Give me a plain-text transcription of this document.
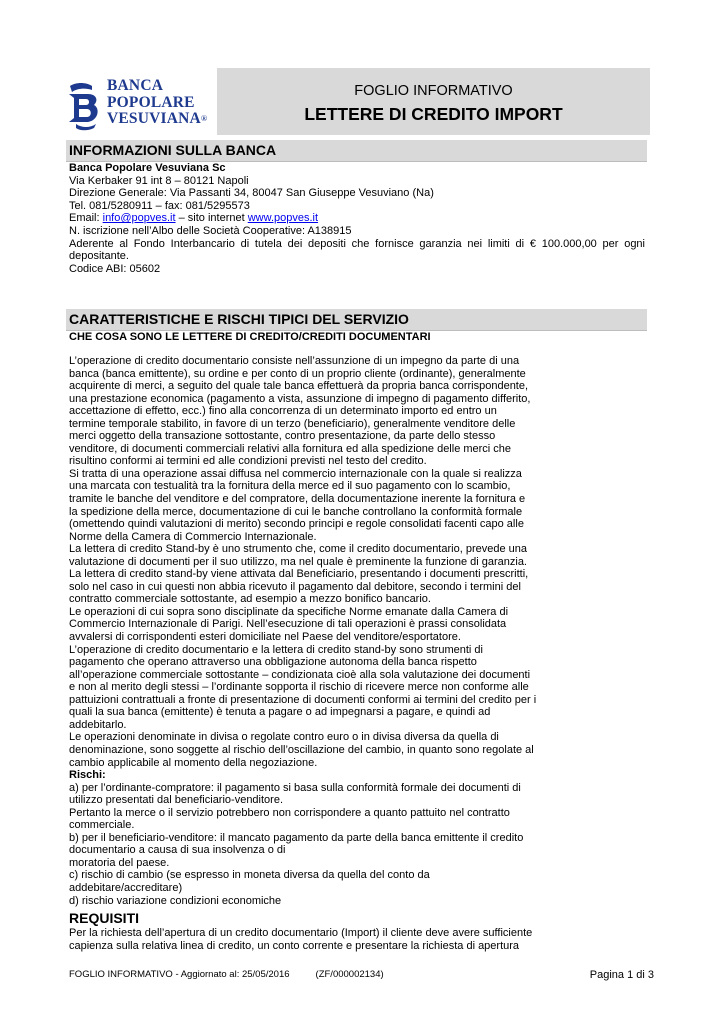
BANCA
POPOLARE
VESUVIANA®
FOGLIO INFORMATIVO
LETTERE DI CREDITO IMPORT
INFORMAZIONI SULLA BANCA
Banca Popolare Vesuviana Sc
Via Kerbaker 91 int 8 – 80121 Napoli
Direzione Generale: Via Passanti 34, 80047 San Giuseppe Vesuviano (Na)
Tel. 081/5280911 – fax: 081/5295573
Email: info@popves.it – sito internet www.popves.it
N. iscrizione nell’Albo delle Società Cooperative: A138915
Aderente al Fondo Interbancario di tutela dei depositi che fornisce garanzia nei limiti di € 100.000,00 per ogni depositante.
Codice ABI: 05602
CARATTERISTICHE E RISCHI TIPICI DEL SERVIZIO
CHE COSA SONO LE LETTERE DI CREDITO/CREDITI DOCUMENTARI
L’operazione di credito documentario consiste nell’assunzione di un impegno da parte di una
banca (banca emittente), su ordine e per conto di un proprio cliente (ordinante), generalmente
acquirente di merci, a seguito del quale tale banca effettuerà da propria banca corrispondente,
una prestazione economica (pagamento a vista, assunzione di impegno di pagamento differito,
accettazione di effetto, ecc.) fino alla concorrenza di un determinato importo ed entro un
termine temporale stabilito, in favore di un terzo (beneficiario), generalmente venditore delle
merci oggetto della transazione sottostante, contro presentazione, da parte dello stesso
venditore, di documenti commerciali relativi alla fornitura ed alla spedizione delle merci che
risultino conformi ai termini ed alle condizioni previsti nel testo del credito.
Si tratta di una operazione assai diffusa nel commercio internazionale con la quale si realizza
una marcata con testualità tra la fornitura della merce ed il suo pagamento con lo scambio,
tramite le banche del venditore e del compratore, della documentazione inerente la fornitura e
la spedizione della merce, documentazione di cui le banche controllano la conformità formale
(omettendo quindi valutazioni di merito) secondo principi e regole consolidati facenti capo alle
Norme della Camera di Commercio Internazionale.
La lettera di credito Stand-by è uno strumento che, come il credito documentario, prevede una
valutazione di documenti per il suo utilizzo, ma nel quale è preminente la funzione di garanzia.
La lettera di credito stand-by viene attivata dal Beneficiario, presentando i documenti prescritti,
solo nel caso in cui questi non abbia ricevuto il pagamento dal debitore, secondo i termini del
contratto commerciale sottostante, ad esempio a mezzo bonifico bancario.
Le operazioni di cui sopra sono disciplinate da specifiche Norme emanate dalla Camera di
Commercio Internazionale di Parigi. Nell’esecuzione di tali operazioni è prassi consolidata
avvalersi di corrispondenti esteri domiciliate nel Paese del venditore/esportatore.
L’operazione di credito documentario e la lettera di credito stand-by sono strumenti di
pagamento che operano attraverso una obbligazione autonoma della banca rispetto
all’operazione commerciale sottostante – condizionata cioè alla sola valutazione dei documenti
e non al merito degli stessi – l’ordinante sopporta il rischio di ricevere merce non conforme alle
pattuizioni contrattuali a fronte di presentazione di documenti conformi ai termini del credito per i
quali la sua banca (emittente) è tenuta a pagare o ad impegnarsi a pagare, e quindi ad
addebitarlo.
Le operazioni denominate in divisa o regolate contro euro o in divisa diversa da quella di
denominazione, sono soggette al rischio dell’oscillazione del cambio, in quanto sono regolate al
cambio applicabile al momento della negoziazione.
Rischi:
a) per l’ordinante-compratore: il pagamento si basa sulla conformità formale dei documenti di
utilizzo presentati dal beneficiario-venditore.
Pertanto la merce o il servizio potrebbero non corrispondere a quanto pattuito nel contratto
commerciale.
b) per il beneficiario-venditore: il mancato pagamento da parte della banca emittente il credito
documentario a causa di sua insolvenza o di
moratoria del paese.
c) rischio di cambio (se espresso in moneta diversa da quella del conto da
addebitare/accreditare)
d) rischio variazione condizioni economiche
REQUISITI
Per la richiesta dell’apertura di un credito documentario (Import) il cliente deve avere sufficiente
capienza sulla relativa linea di credito, un conto corrente e presentare la richiesta di apertura
FOGLIO INFORMATIVO - Aggiornato al: 25/05/2016	(ZF/000002134)	Pagina 1 di 3
